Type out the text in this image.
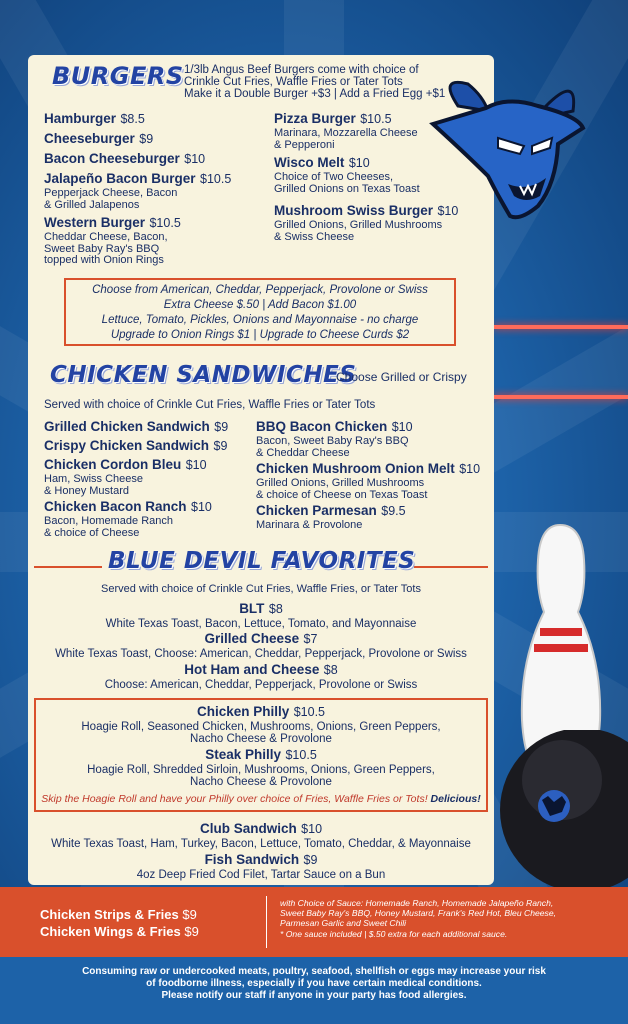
BURGERS 1/3lb Angus Beef Burgers come with choice of
Crinkle Cut Fries, Waffle Fries or Tater Tots
Make it a Double Burger +$3 | Add a Fried Egg +$1
Hamburger $8.5
Cheeseburger $9
Bacon Cheeseburger $10
Jalapeño Bacon Burger $10.5
Pepperjack Cheese, Bacon
& Grilled Jalapenos
Western Burger $10.5
Cheddar Cheese, Bacon,
Sweet Baby Ray's BBQ
topped with Onion Rings
Pizza Burger $10.5
Marinara, Mozzarella Cheese
& Pepperoni
Wisco Melt $10
Choice of Two Cheeses,
Grilled Onions on Texas Toast
Mushroom Swiss Burger $10
Grilled Onions, Grilled Mushrooms
& Swiss Cheese
Choose from American, Cheddar, Pepperjack, Provolone or Swiss
Extra Cheese $.50 | Add Bacon $1.00
Lettuce, Tomato, Pickles, Onions and Mayonnaise - no charge
Upgrade to Onion Rings $1 | Upgrade to Cheese Curds $2
CHICKEN SANDWICHES
Choose Grilled or Crispy
Served with choice of Crinkle Cut Fries, Waffle Fries or Tater Tots
Grilled Chicken Sandwich $9
Crispy Chicken Sandwich $9
Chicken Cordon Bleu $10
Ham, Swiss Cheese
& Honey Mustard
Chicken Bacon Ranch $10
Bacon, Homemade Ranch
& choice of Cheese
BBQ Bacon Chicken $10
Bacon, Sweet Baby Ray's BBQ
& Cheddar Cheese
Chicken Mushroom Onion Melt $10
Grilled Onions, Grilled Mushrooms
& choice of Cheese on Texas Toast
Chicken Parmesan $9.5
Marinara & Provolone
BLUE DEVIL FAVORITES
Served with choice of Crinkle Cut Fries, Waffle Fries, or Tater Tots
BLT $8
White Texas Toast, Bacon, Lettuce, Tomato, and Mayonnaise
Grilled Cheese $7
White Texas Toast, Choose: American, Cheddar, Pepperjack, Provolone or Swiss
Hot Ham and Cheese $8
Choose: American, Cheddar, Pepperjack, Provolone or Swiss
Chicken Philly $10.5
Hoagie Roll, Seasoned Chicken, Mushrooms, Onions, Green Peppers,
Nacho Cheese & Provolone
Steak Philly $10.5
Hoagie Roll, Shredded Sirloin, Mushrooms, Onions, Green Peppers,
Nacho Cheese & Provolone
Skip the Hoagie Roll and have your Philly over choice of Fries, Waffle Fries or Tots! Delicious!
Club Sandwich $10
White Texas Toast, Ham, Turkey, Bacon, Lettuce, Tomato, Cheddar, & Mayonnaise
Fish Sandwich $9
4oz Deep Fried Cod Filet, Tartar Sauce on a Bun
Chicken Strips & Fries $9
Chicken Wings & Fries $9
with Choice of Sauce: Homemade Ranch, Homemade Jalapeño Ranch,
Sweet Baby Ray's BBQ, Honey Mustard, Frank's Red Hot, Bleu Cheese,
Parmesan Garlic and Sweet Chili
* One sauce included | $.50 extra for each additional sauce.
Consuming raw or undercooked meats, poultry, seafood, shellfish or eggs may increase your risk
of foodborne illness, especially if you have certain medical conditions.
Please notify our staff if anyone in your party has food allergies.
